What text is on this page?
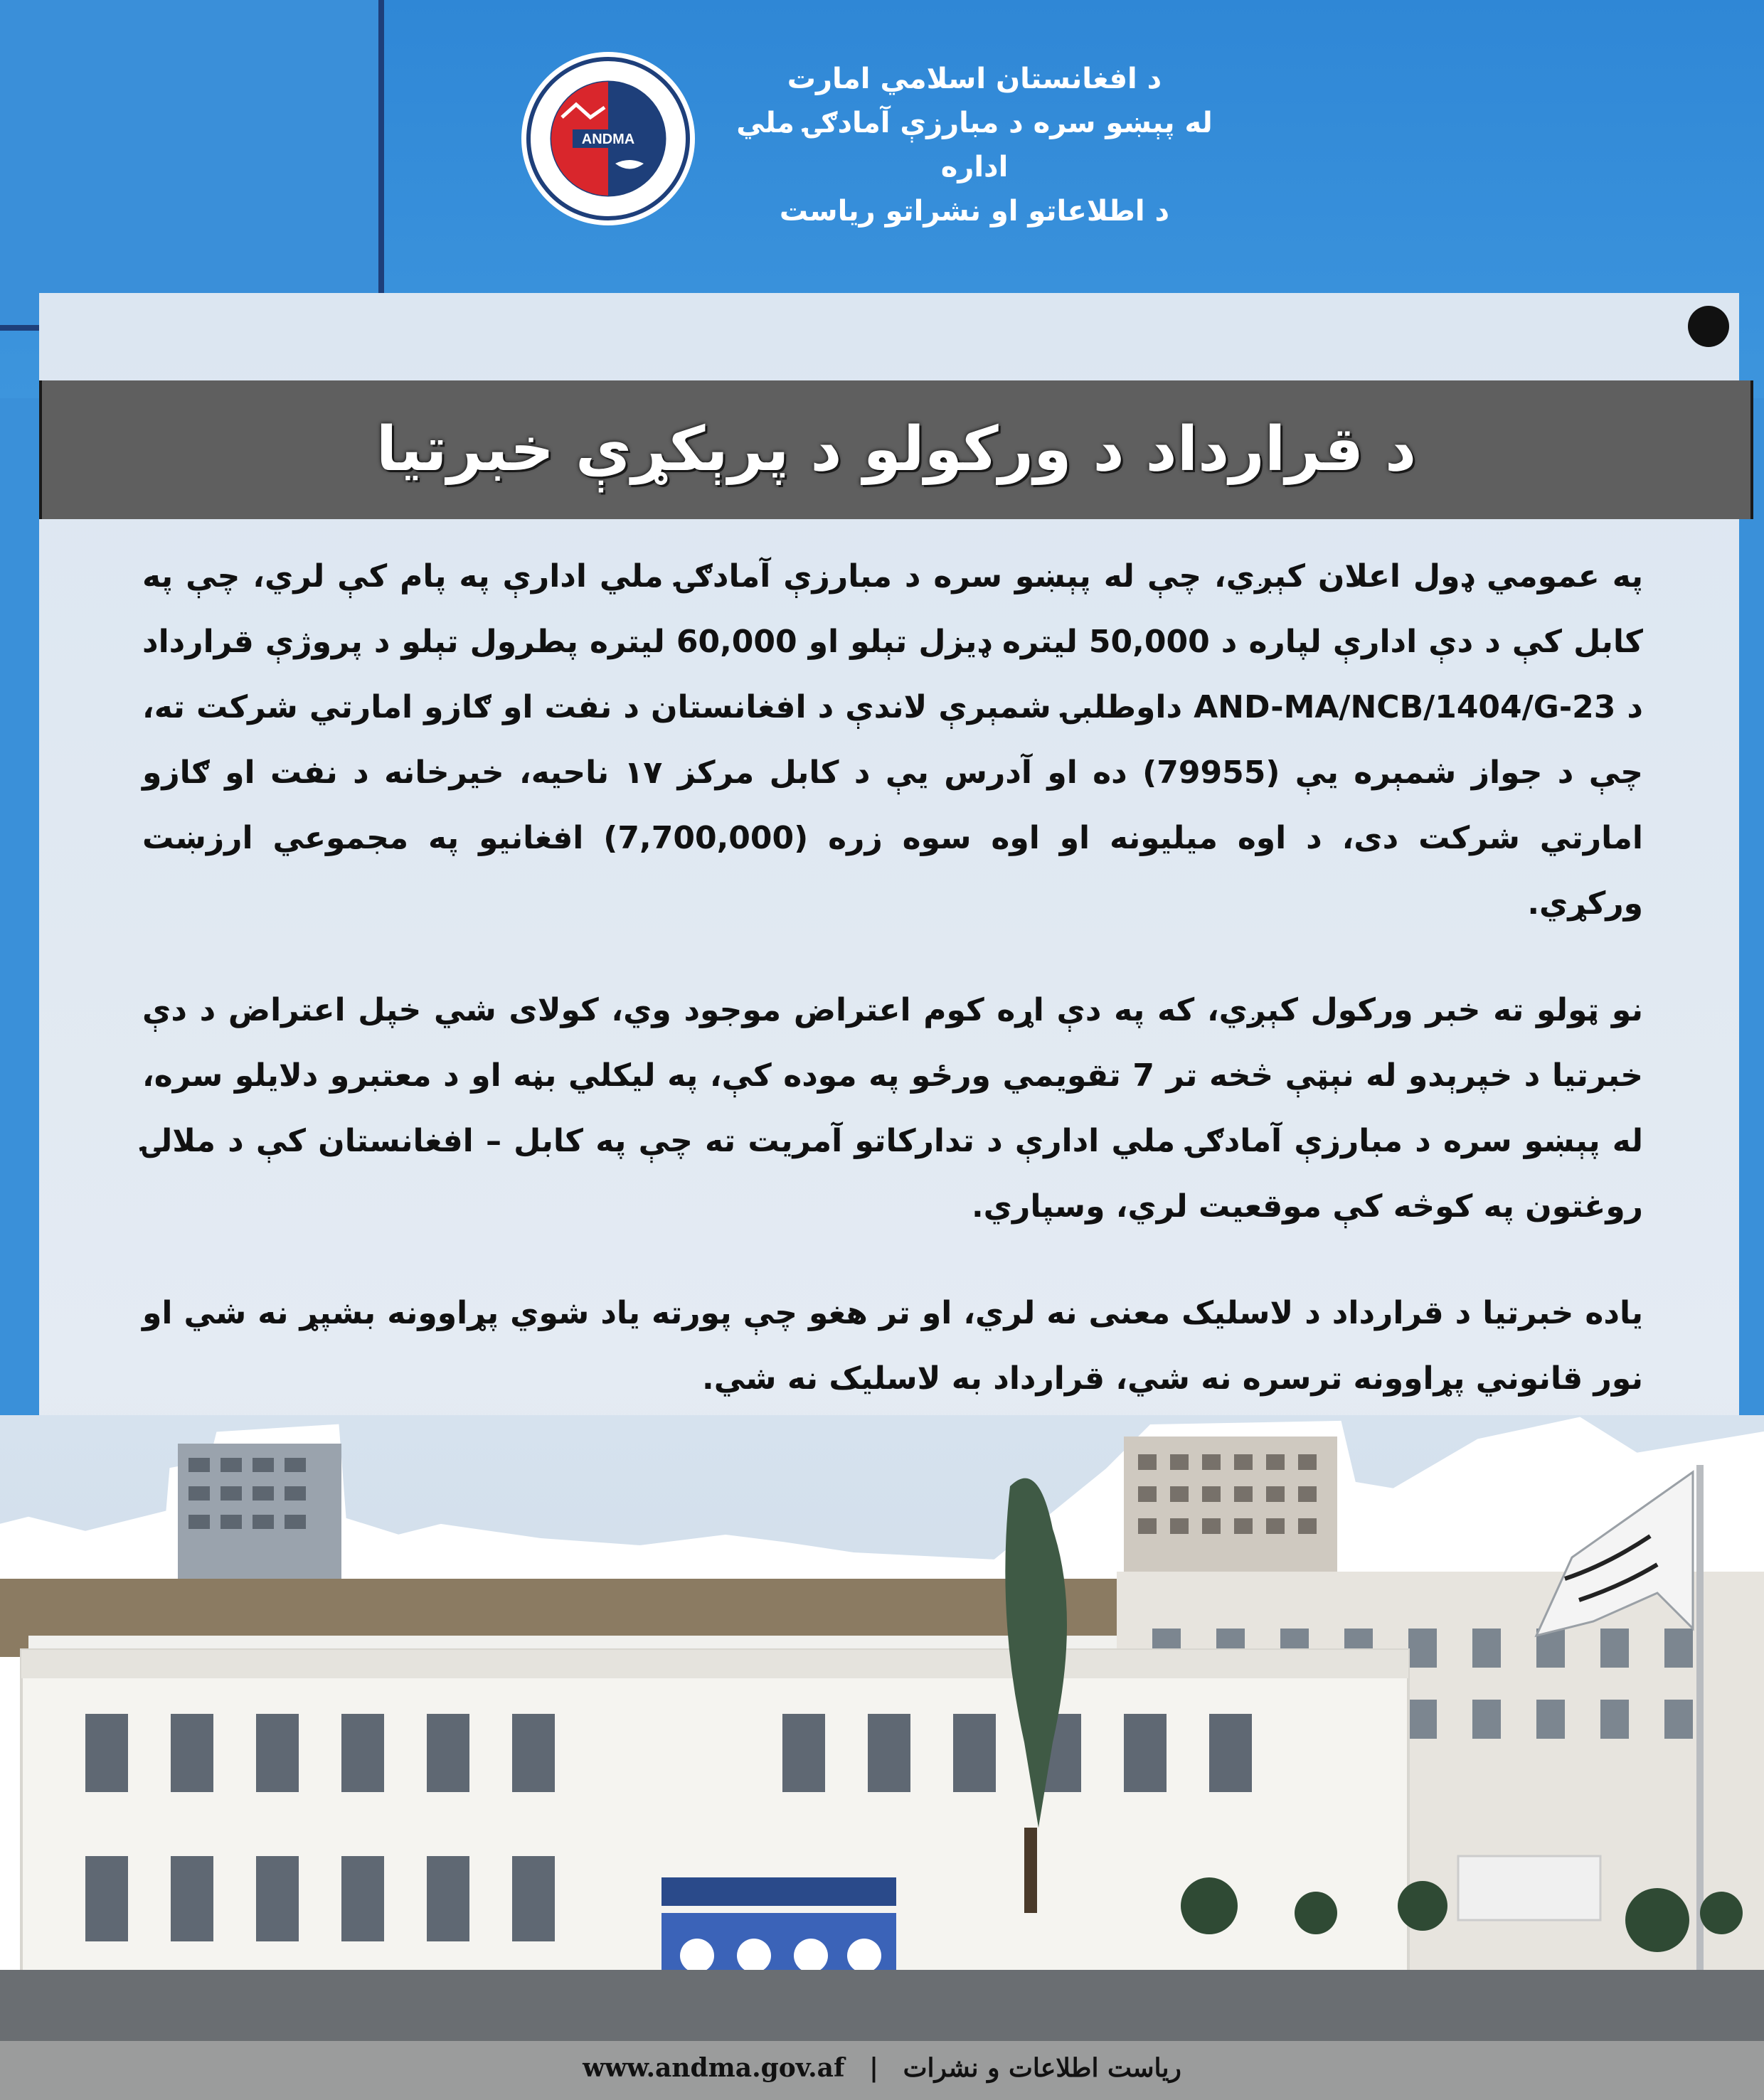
ANDMA
د افغانستان اسلامي امارت
له پېښو سره د مبارزې آمادګۍ ملي اداره
د اطلاعاتو او نشراتو رياست
د قرارداد د ورکولو د پرېکړې خبرتيا

په عمومي ډول اعلان کېږي، چې له پېښو سره د مبارزې آمادګۍ ملي ادارې په پام کې لري، چې په کابل کې د دې ادارې لپاره د 50,000 ليتره ډيزل تېلو او 60,000 ليتره پطرول تېلو د پروژې قرارداد د AND-MA/NCB/1404/G-23 داوطلبۍ شمېرې لاندې د افغانستان د نفت او ګازو امارتي شرکت ته، چې د جواز شمېره يې (79955) ده او آدرس يې د کابل مرکز ۱۷ ناحيه، خيرخانه د نفت او ګازو امارتي شرکت دی، د اوه ميليونه او اوه سوه زره (7,700,000) افغانيو په مجموعي ارزښت ورکړي.

نو ټولو ته خبر ورکول کېږي، که په دې اړه کوم اعتراض موجود وي، کولای شي خپل اعتراض د دې خبرتيا د خپرېدو له نېټې څخه تر 7 تقويمي ورځو په موده کې، په ليکلي بڼه او د معتبرو دلايلو سره، له پېښو سره د مبارزې آمادګۍ ملي ادارې د تدارکاتو آمريت ته چې په کابل – افغانستان کې د ملالۍ روغتون په کوڅه کې موقعيت لري، وسپاري.

ياده خبرتيا د قرارداد د لاسليک معنی نه لري، او تر هغو چې پورته ياد شوي پړاوونه بشپړ نه شي او نور قانوني پړاوونه ترسره نه شي، قرارداد به لاسليک نه شي.

www.andma.gov.af | رياست اطلاعات و نشرات
